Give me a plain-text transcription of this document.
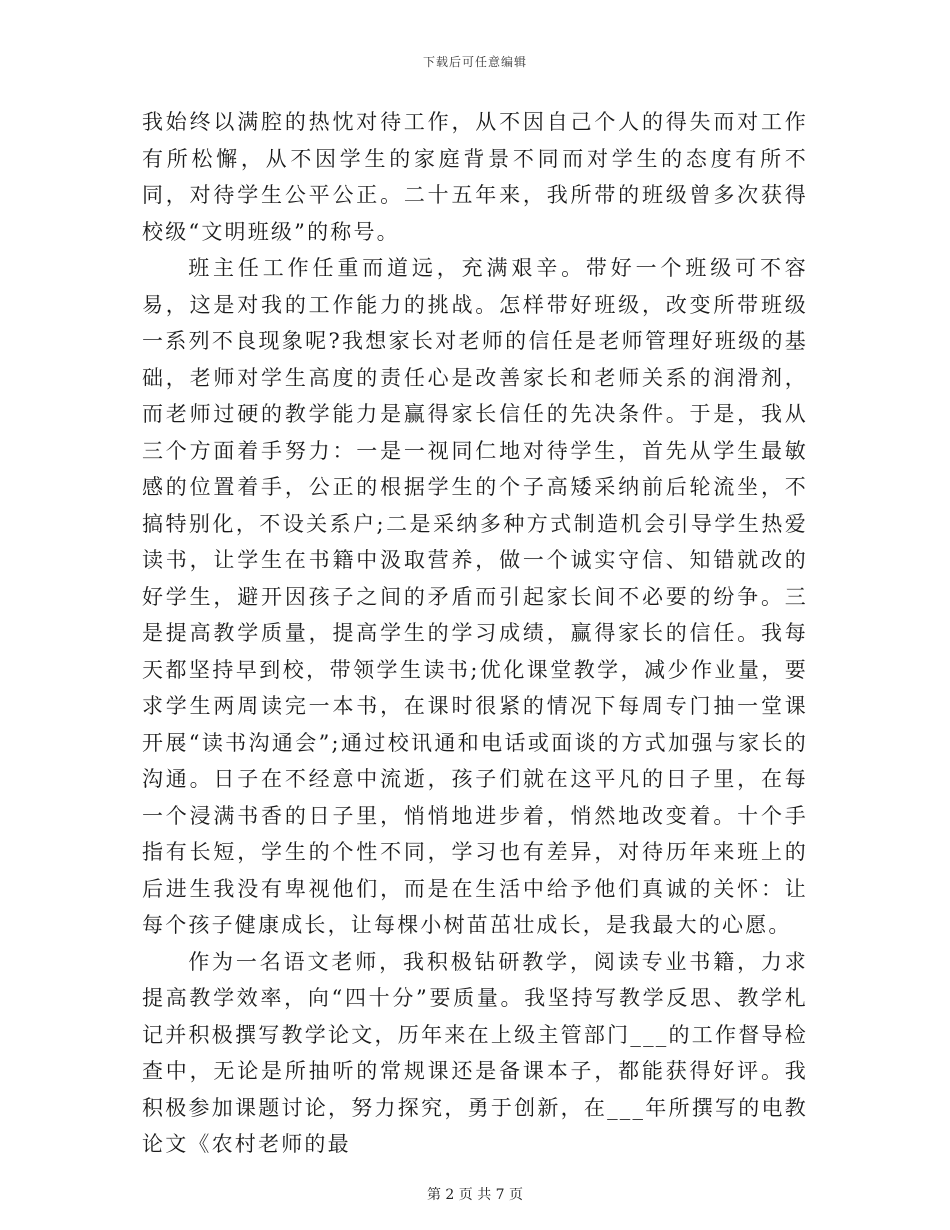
下载后可任意编辑

我始终以满腔的热忱对待工作，从不因自己个人的得失而对工作有所松懈，从不因学生的家庭背景不同而对学生的态度有所不同，对待学生公平公正。二十五年来，我所带的班级曾多次获得校级“文明班级”的称号。

班主任工作任重而道远，充满艰辛。带好一个班级可不容易，这是对我的工作能力的挑战。怎样带好班级，改变所带班级一系列不良现象呢?我想家长对老师的信任是老师管理好班级的基础，老师对学生高度的责任心是改善家长和老师关系的润滑剂，而老师过硬的教学能力是赢得家长信任的先决条件。于是，我从三个方面着手努力：一是一视同仁地对待学生，首先从学生最敏感的位置着手，公正的根据学生的个子高矮采纳前后轮流坐，不搞特别化，不设关系户;二是采纳多种方式制造机会引导学生热爱读书，让学生在书籍中汲取营养，做一个诚实守信、知错就改的好学生，避开因孩子之间的矛盾而引起家长间不必要的纷争。三是提高教学质量，提高学生的学习成绩，赢得家长的信任。我每天都坚持早到校，带领学生读书;优化课堂教学，减少作业量，要求学生两周读完一本书，在课时很紧的情况下每周专门抽一堂课开展“读书沟通会”;通过校讯通和电话或面谈的方式加强与家长的沟通。日子在不经意中流逝，孩子们就在这平凡的日子里，在每一个浸满书香的日子里，悄悄地进步着，悄然地改变着。十个手指有长短，学生的个性不同，学习也有差异，对待历年来班上的后进生我没有卑视他们，而是在生活中给予他们真诚的关怀：让每个孩子健康成长，让每棵小树苗茁壮成长，是我最大的心愿。

作为一名语文老师，我积极钻研教学，阅读专业书籍，力求提高教学效率，向“四十分”要质量。我坚持写教学反思、教学札记并积极撰写教学论文，历年来在上级主管部门___的工作督导检查中，无论是所抽听的常规课还是备课本子，都能获得好评。我积极参加课题讨论，努力探究，勇于创新，在___年所撰写的电教论文《农村老师的最

第 2 页 共 7 页
